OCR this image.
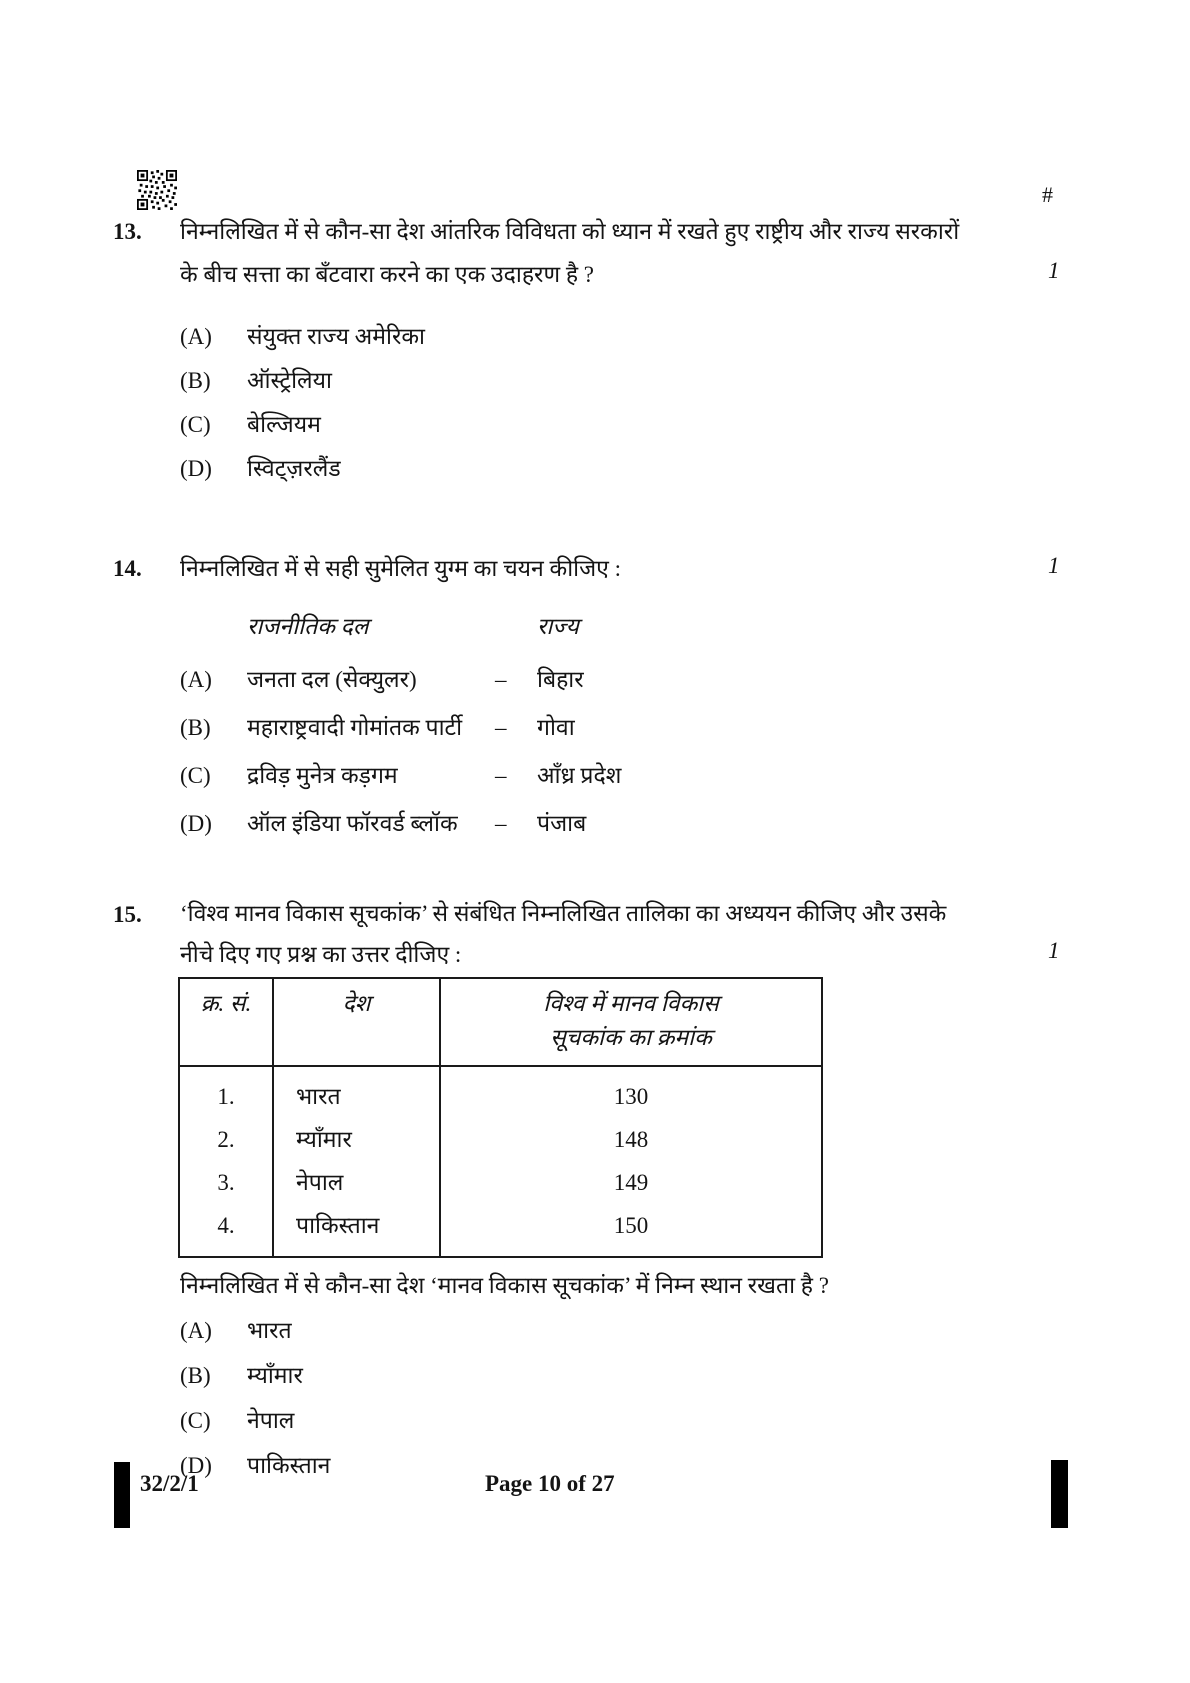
#
1
1
1
13.	निम्नलिखित में से कौन-सा देश आंतरिक विविधता को ध्यान में रखते हुए राष्ट्रीय और राज्य सरकारों के बीच सत्ता का बँटवारा करने का एक उदाहरण है ?
(A)	संयुक्त राज्य अमेरिका
(B)	ऑस्ट्रेलिया
(C)	बेल्जियम
(D)	स्विट्ज़रलैंड
14.	निम्नलिखित में से सही सुमेलित युग्म का चयन कीजिए :
राजनीतिक दल	राज्य
(A)	जनता दल (सेक्युलर)	–	बिहार
(B)	महाराष्ट्रवादी गोमांतक पार्टी	–	गोवा
(C)	द्रविड़ मुनेत्र कड़गम	–	आँध्र प्रदेश
(D)	ऑल इंडिया फॉरवर्ड ब्लॉक	–	पंजाब
15.	‘विश्व मानव विकास सूचकांक’ से संबंधित निम्नलिखित तालिका का अध्ययन कीजिए और उसके नीचे दिए गए प्रश्न का उत्तर दीजिए :
क्र. सं.	देश	विश्व में मानव विकास
सूचकांक का क्रमांक

1.	भारत	130
2.	म्याँमार	148
3.	नेपाल	149
4.	पाकिस्तान	150
निम्नलिखित में से कौन-सा देश ‘मानव विकास सूचकांक’ में निम्न स्थान रखता है ?
(A)	भारत
(B)	म्याँमार
(C)	नेपाल
(D)	पाकिस्तान
32/2/1	Page 10 of 27
